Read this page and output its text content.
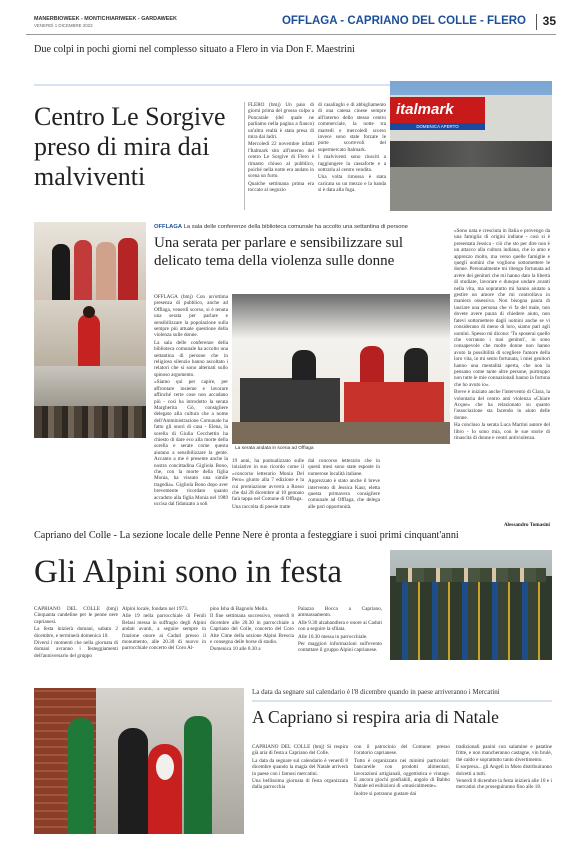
MANERBIOWEEK - MONTICHIARIWEEK - GARDAWEEK
VENERDÌ 1 DICEMBRE 2023	OFFLAGA - CAPRIANO DEL COLLE - FLERO 35
Due colpi in pochi giorni nel complesso situato a Flero in via Don F. Maestrini
Centro Le Sorgive preso di mira dai malviventi

FLERO (bmj) Un paio di giorni prima del grosso colpo a Poncarale (del quale ne parliamo nella pagina a fianco) un'altra realtà è stata presa di mira dai ladri.

Mercoledì 22 novembre infatti l'Italmark sito all'interno del centro Le Sorgive di Flero è rimasto chiuso al pubblico, poiché nella notte era andato in scena un furto.

Qualche settimana prima era toccato al negozio

di casalinghi e di abbigliamento di una catena cinese sempre all'interno dello stesso centro commerciale, la notte tra martedì e mercoledì scorso invece sono state forzate le porte scorrevoli del supermercato Italmark.

I malviventi sono riusciti a raggiungere la cassaforte e a sottrarla al centro vendita.

Una volta rimossa è stata caricata su un mezzo e la banda si è data alla fuga.

italmark
DOMENICA APERTO
OFFLAGA La sala delle conferenze della biblioteca comunale ha accolto una settantina di persone
Una serata per parlare e sensibilizzare sul delicato tema della violenza sulle donne

OFFLAGA (bmj) Con un'ottima presenza di pubblico, anche ad Offlaga, venerdì scorso, si è tenuta una serata per parlare e sensibilizzare la popolazione sulla sempre più attuale questione della violenza sulle donne.

La sala delle conferenze della biblioteca comunale ha accolto una settantina di persone che in religioso silenzio hanno ascoltato i relatori che si sono alternati sullo spinoso argomento.

«Siamo qui per capire, per affrontare insieme e lavorare affinché certe cose non accadano più - così ha introdotto la serata Margherita Gò, consigliere delegato alla cultura che a nome dell'Amministrazione Comunale ha fatto gli onori di casa - Elena, la sorella di Giulia Cecchettin ha chiesto di dare eco alla morte della sorella e serate come questa aiutano a sensibilizzare la gente. Accanto a me è presente anche la nostra concittadina Gigliola Bono, che, con la morte della figlia Monia, ha vissuto una simile tragedia». Gigliola Bono dopo aver brevemente ricordato quanto accaduto alla figlia Monia nel 1989 uccisa dal fidanzato a soli

La serata andata in scena ad Offlaga

19 anni, ha puntualizzato sulle iniziative in suo ricordo come il «concorso letterario Monia Del Pero» giunto alla 7 edizione e la cui premiazione avverrà a Rosso che dal 28 dicembre al 10 gennaio farà tappa nel Comune di Offlaga.

Una raccolta di poesie tratte

dal concorso letterario che in questi mesi sono state esposte in numerose località italiane.

Apprezzato è stato anche il breve intervento di Jessica Kaur, eletta questa primavera consigliere comunale ad Offlaga, che delega alle pari opportunità.

«Sono nata e cresciuta in Italia e provengo da una famiglia di origini indiane - così si è presentata Jessica - ciò che sto per dire non è un attacco alla cultura indiana, che io amo e apprezzo molto, ma verso quelle famiglie e quegli uomini che vogliono sottomettere le donne. Personalmente mi ritengo fortunata ad avere dei genitori che mi hanno dato la libertà di studiare, lavorare e dunque undare avanti nella vita, ma sopratutto mi hanno aiutato a gestire un amore che mi controllava in maniera ossessiva. Non bisogna paura di lasciare una persona che vi fa del male, non dovete avere paura di chiedere aiuto, non fatevi sottomettere dagli uomini anche se vi considerano di meno di loro, siamo pari agli uomini. Spesso mi dicono: 'Tu sposerai quello che vorranno i tuoi genitori', io sono consapevole che molte donne non hanno avuto la possibilità di scegliere l'amore della loro vita, io mi sento fortunata, i miei genitori hanno una mentalità aperta, che non la pensano come tante altre persone, purtroppo non tutte le mie connazionali hanno la fortuna che ho avuto io».

Breve è iniziato anche l'intervento di Clara, la volontaria del centro anti violenza «Chiare Acque» che ha relazionato su quanto l'associazione sta facendo in aiuto delle donne.

Ha concluso la serata Luca Martini autore del libro - Io sono mia, con le sue storie di rinascita di donne e centri antiviolenza.

Alessandro Tomasini
Capriano del Colle - La sezione locale delle Penne Nere è pronta a festeggiare i suoi primi cinquant'anni
Gli Alpini sono in festa

CAPRIANO DEL COLLE (bmj) Cinquanta candeline per le penne nere caprianesi.

La festa inizierà domani, sabato 2 dicembre, e terminerà domenica 10.

Diversi i momenti che nella giornata di domani avranno i festeggiamenti dell'anniversario del gruppo

Alpini locale, fondato nel 1973.

Alle 19 nella parrocchiale di Fenili Belasi messa in suffragio degli Alpini andati avanti, a seguire sempre in frazione onore ai Caduti presso il monumento, alle 20.30 di nuovo in parrocchiale concerto del Coro Al-

pino Isba di Bagnolo Mella.

Il fine settimana successivo, venerdì 8 dicembre alle 20.30 in parrocchiale a Capriano del Colle, concerto del Coro Alte Cime della sezione Alpini Brescia e consegna delle borse di studio.

Domenica 10 alle 8.30 a

Palazzo Bocca a Capriano, ammassamento.

Alle 9.30 alzabandiera e onore ai Caduti con a seguire la sfilata.

Alle 10.30 messa in parrocchiale.

Per maggiori informazioni sull'evento contattare il gruppo Alpini caprianese.

La data da segnare sul calendario è l'8 dicembre quando in paese arriveranno i Mercatini
A Capriano si respira aria di Natale

CAPRIANO DEL COLLE (bmj) Si respira già aria di festa a Capriano del Colle.

La data da segnare sul calendario è venerdì 8 dicembre quando la magia del Natale arriverà in paese con i famosi mercatini.

Una bellissima giornata di festa organizzata dalla parrocchia

con il patrocinio del Comune: presso l'oratorio caprianese.

Tutto è organizzato nei minimi particolari: bancarelle con prodotti alimentari, lavorazioni artigianali, oggettistica e vintage. E ancora giochi gonfiabili, angolo di Babbo Natale ed esibizioni di «musicalmente».

Inoltre si potranno gustare dai

tradizionali panini con salamine e patatine fritte, e non mancheranno castagne, vin brulè, thè caldo e soprattutto tanto divertimento.

E sorpresa... gli Angeli in Moto distribuiranno dolcetti a tutti.

Venerdì 8 dicembre la festa inizierà alle 10 e i mercatini che proseguiranno fino alle 18.
